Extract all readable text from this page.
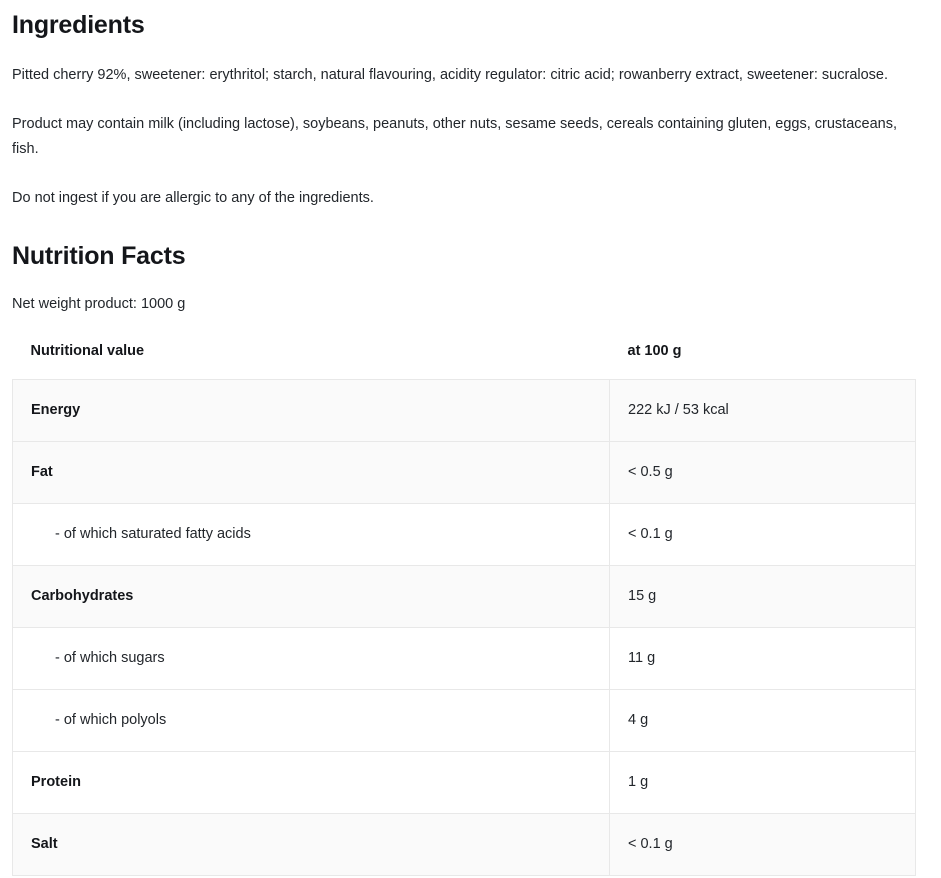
Ingredients

Pitted cherry 92%, sweetener: erythritol; starch, natural flavouring, acidity regulator: citric acid; rowanberry extract, sweetener: sucralose.

Product may contain milk (including lactose), soybeans, peanuts, other nuts, sesame seeds, cereals containing gluten, eggs, crustaceans, fish.

Do not ingest if you are allergic to any of the ingredients.

Nutrition Facts
Net weight product: 1000 g
Nutritional value	at 100 g
Energy	222 kJ / 53 kcal
Fat	< 0.5 g
- of which saturated fatty acids	< 0.1 g
Carbohydrates	15 g
- of which sugars	11 g
- of which polyols	4 g
Protein	1 g
Salt	< 0.1 g
